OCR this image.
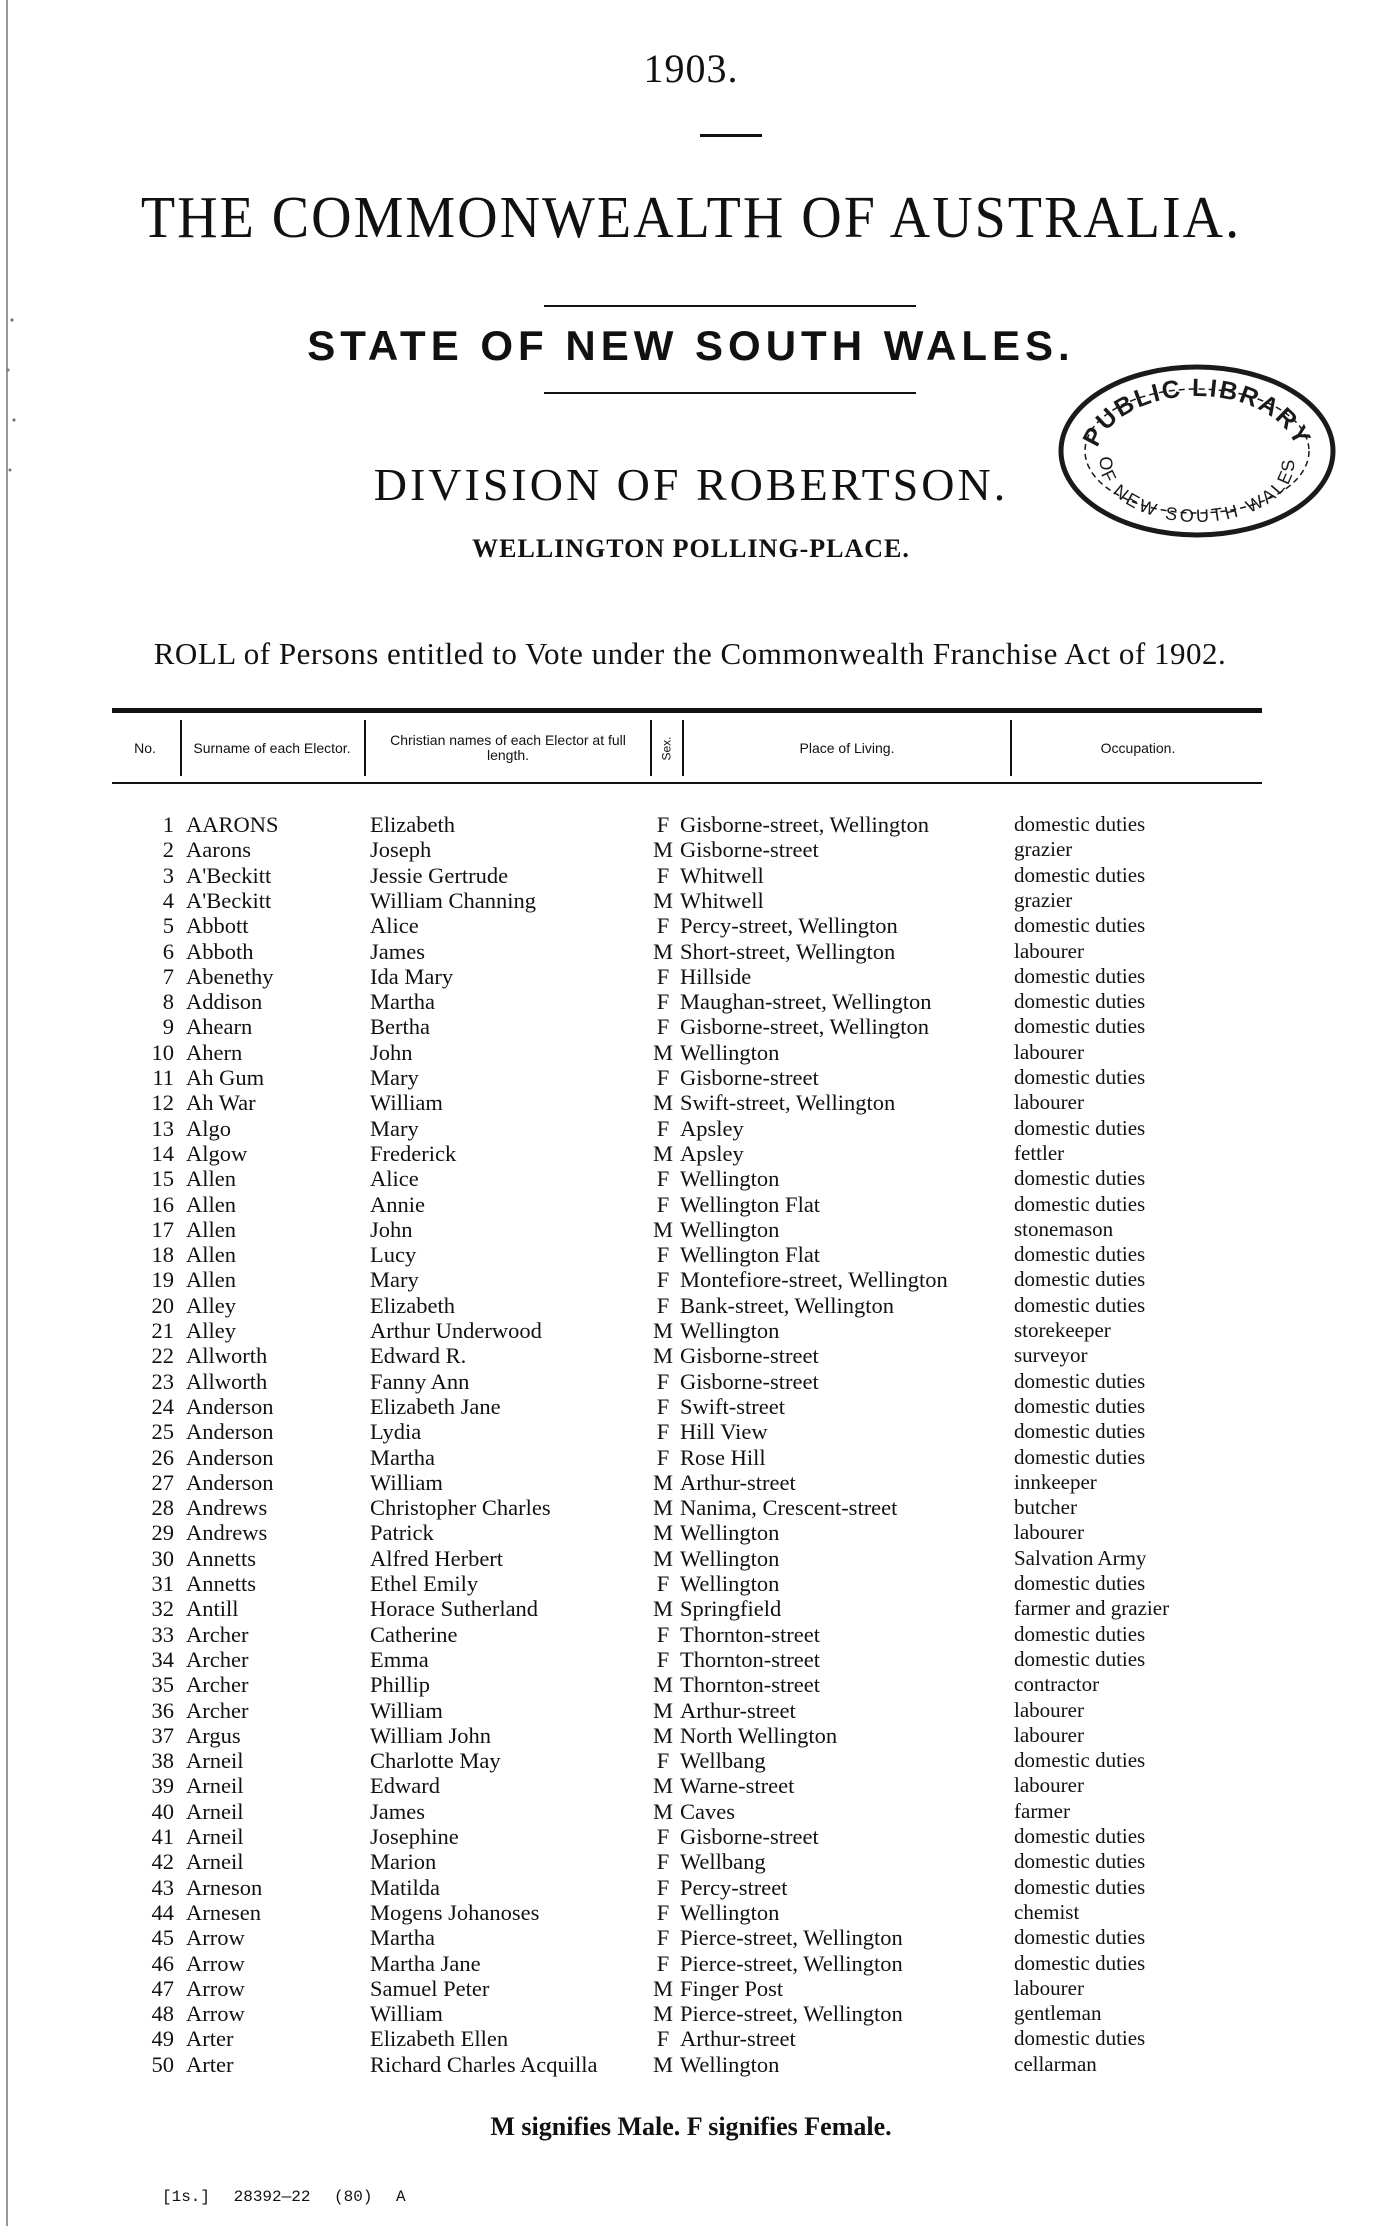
1903.
THE COMMONWEALTH OF AUSTRALIA.
STATE OF NEW SOUTH WALES.
PUBLIC LIBRARY
OF NEW SOUTH WALES
DIVISION OF ROBERTSON.
WELLINGTON POLLING-PLACE.
ROLL of Persons entitled to Vote under the Commonwealth Franchise Act of 1902.
No.	Surname of each Elector.	Christian names of each Elector at full length.	Sex.	Place of Living.	Occupation.
1 AARONS	Elizabeth	F Gisborne-street, Wellington	domestic duties
2 Aarons	Joseph	M Gisborne-street	grazier
3 A'Beckitt	Jessie Gertrude	F Whitwell	domestic duties
4 A'Beckitt	William Channing	M Whitwell	grazier
5 Abbott	Alice	F Percy-street, Wellington	domestic duties
6 Abboth	James	M Short-street, Wellington	labourer
7 Abenethy	Ida Mary	F Hillside	domestic duties
8 Addison	Martha	F Maughan-street, Wellington	domestic duties
9 Ahearn	Bertha	F Gisborne-street, Wellington	domestic duties
10 Ahern	John	M Wellington	labourer
11 Ah Gum	Mary	F Gisborne-street	domestic duties
12 Ah War	William	M Swift-street, Wellington	labourer
13 Algo	Mary	F Apsley	domestic duties
14 Algow	Frederick	M Apsley	fettler
15 Allen	Alice	F Wellington	domestic duties
16 Allen	Annie	F Wellington Flat	domestic duties
17 Allen	John	M Wellington	stonemason
18 Allen	Lucy	F Wellington Flat	domestic duties
19 Allen	Mary	F Montefiore-street, Wellington	domestic duties
20 Alley	Elizabeth	F Bank-street, Wellington	domestic duties
21 Alley	Arthur Underwood	M Wellington	storekeeper
22 Allworth	Edward R.	M Gisborne-street	surveyor
23 Allworth	Fanny Ann	F Gisborne-street	domestic duties
24 Anderson	Elizabeth Jane	F Swift-street	domestic duties
25 Anderson	Lydia	F Hill View	domestic duties
26 Anderson	Martha	F Rose Hill	domestic duties
27 Anderson	William	M Arthur-street	innkeeper
28 Andrews	Christopher Charles	M Nanima, Crescent-street	butcher
29 Andrews	Patrick	M Wellington	labourer
30 Annetts	Alfred Herbert	M Wellington	Salvation Army
31 Annetts	Ethel Emily	F Wellington	domestic duties
32 Antill	Horace Sutherland	M Springfield	farmer and grazier
33 Archer	Catherine	F Thornton-street	domestic duties
34 Archer	Emma	F Thornton-street	domestic duties
35 Archer	Phillip	M Thornton-street	contractor
36 Archer	William	M Arthur-street	labourer
37 Argus	William John	M North Wellington	labourer
38 Arneil	Charlotte May	F Wellbang	domestic duties
39 Arneil	Edward	M Warne-street	labourer
40 Arneil	James	M Caves	farmer
41 Arneil	Josephine	F Gisborne-street	domestic duties
42 Arneil	Marion	F Wellbang	domestic duties
43 Arneson	Matilda	F Percy-street	domestic duties
44 Arnesen	Mogens Johanoses	F Wellington	chemist
45 Arrow	Martha	F Pierce-street, Wellington	domestic duties
46 Arrow	Martha Jane	F Pierce-street, Wellington	domestic duties
47 Arrow	Samuel Peter	M Finger Post	labourer
48 Arrow	William	M Pierce-street, Wellington	gentleman
49 Arter	Elizabeth Ellen	F Arthur-street	domestic duties
50 Arter	Richard Charles Acquilla M Wellington	cellarman
M signifies Male. F signifies Female.
[1s.] 28392—22 (80) A
